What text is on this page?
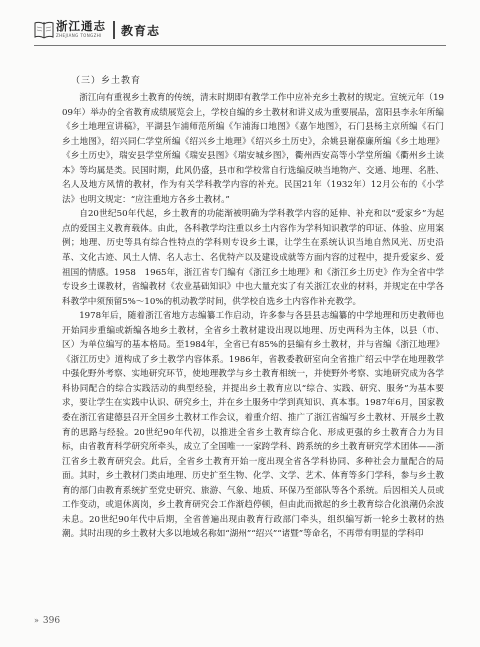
浙江通志
ZHEJIANG TONGZHI 教育志
（三）乡土教育

浙江向有重视乡土教育的传统，清末时期即有教学工作中应补充乡土教材的规定。宣统元年（1909年）举办的全省教育成绩展览会上，学校自编的乡土教材和讲义成为重要展品，富阳县李永年所编《乡土地理宣讲稿》，平湖县乍浦师范所编《乍浦海口地图》《嘉乍地图》，石门县杨主京所编《石门乡土地图》，绍兴同仁学堂所编《绍兴乡土地理》《绍兴乡土历史》，余姚县谢葆廉所编《乡土地理》《乡土历史》，瑞安县学堂所编《瑞安县图》《瑞安城乡图》，衢州西安高等小学堂所编《衢州乡土读本》等均属是类。民国时期，此风仍盛，县市和学校常自行选编反映当地物产、交通、地理、名胜、名人及地方风情的教材，作为有关学科教学内容的补充。民国21年（1932年）12月公布的《小学法》也明文规定：“应注重地方各乡土教材。”

自20世纪50年代起，乡土教育的功能渐被明确为学科教学内容的延伸、补充和以“爱家乡”为起点的爱国主义教育载体。由此，各科教学均注重以乡土内容作为学科知识教学的印证、体验、应用案例；地理、历史等具有综合性特点的学科则专设乡土课，让学生在系统认识当地自然风光、历史沿革、文化古迹、风土人情、名人志士、名优特产以及建设成就等方面内容的过程中，提升爱家乡、爱祖国的情感。1958　1965年，浙江省专门编有《浙江乡土地理》和《浙江乡土历史》作为全省中学专设乡土课教材，省编教材《农业基础知识》中也大量充实了有关浙江农业的材料，并规定在中学各科教学中须预留5%～10%的机动教学时间，供学校自选乡土内容作补充教学。

1978年后，随着浙江省地方志编纂工作启动，许多参与各县县志编纂的中学地理和历史教师也开始同步重编或新编各地乡土教材，全省乡土教材建设出现以地理、历史两科为主体，以县（市、区）为单位编写的基本格局。至1984年，全省已有85%的县编有乡土教材，并与省编《浙江地理》《浙江历史》道构成了乡土教学内容体系。1986年，省教委教研室向全省推广绍云中学在地理教学中强化野外考察、实地研究环节，使地理教学与乡土教育相统一，并使野外考察、实地研究成为各学科协同配合的综合实践活动的典型经验，并提出乡土教育应以“综合、实践、研究、服务”为基本要求，要让学生在实践中认识、研究乡土，并在乡土服务中学到真知识、真本事。1987年6月，国家教委在浙江省建德县召开全国乡土教材工作会议，着重介绍、推广了浙江省编写乡土教材、开展乡土教育的思路与经验。20世纪90年代初，以推进全省乡土教育综合化、形成更强的乡土教育合力为目标，由省教育科学研究所牵头，成立了全国唯一一家跨学科、跨系统的乡土教育研究学术团体——浙江省乡土教育研究会。此后，全省乡土教育开始一度出现全省各学科协同、多种社会力量配合的局面。其时，乡土教材门类由地理、历史扩至生物、化学、文学、艺术、体育等多门学科，参与乡土教育的部门由教育系统扩至党史研究、旅游、气象、地质、环保乃至部队等各个系统。后因相关人员或工作变动，或退休离岗，乡土教育研究会工作渐趋停顿，但由此而掀起的乡土教育综合化浪潮仍余波未息。20世纪90年代中后期，全省普遍出现由教育行政部门牵头，组织编写新一轮乡土教材的热潮。其时出现的乡土教材大多以地域名称如“湖州”“绍兴”“诸暨”等命名，不再带有明显的学科印

» 396
